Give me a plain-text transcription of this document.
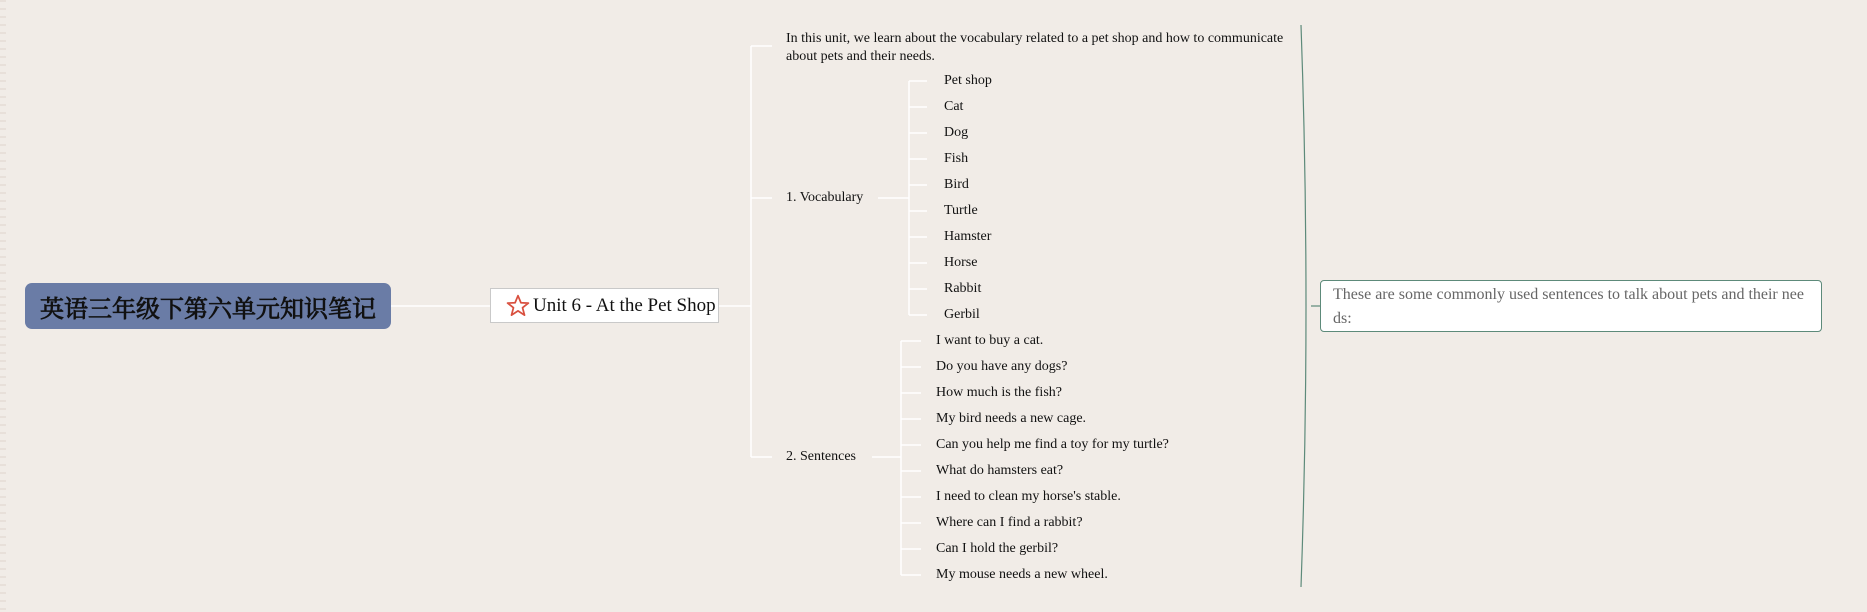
英语三年级下第六单元知识笔记	Unit 6 - At the Pet Shop
In this unit, we learn about the vocabulary related to a pet shop and how to communicate about pets and their needs.
1. Vocabulary
2. Sentences
Pet shop
Cat
Dog
Fish
Bird
Turtle
Hamster
Horse
Rabbit
Gerbil
I want to buy a cat.
Do you have any dogs?
How much is the fish?
My bird needs a new cage.
Can you help me find a toy for my turtle?
What do hamsters eat?
I need to clean my horse's stable.
Where can I find a rabbit?
Can I hold the gerbil?
My mouse needs a new wheel.
These are some commonly used sentences to talk about pets and their needs:
